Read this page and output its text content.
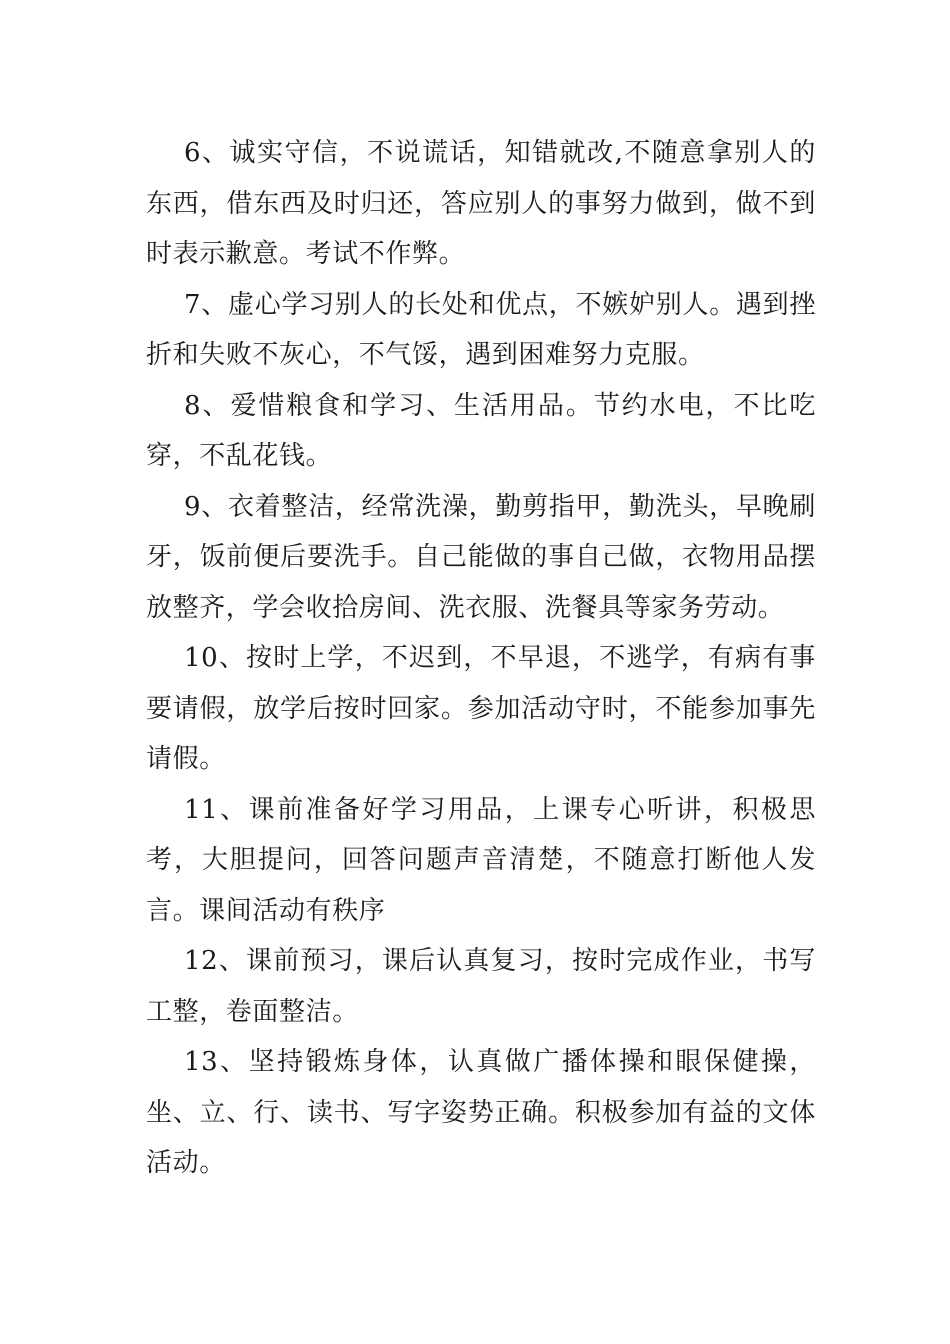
6、诚实守信，不说谎话，知错就改,不随意拿别人的东西，借东西及时归还，答应别人的事努力做到，做不到时表示歉意。考试不作弊。

7、虚心学习别人的长处和优点，不嫉妒别人。遇到挫折和失败不灰心，不气馁，遇到困难努力克服。

8、爱惜粮食和学习、生活用品。节约水电，不比吃穿，不乱花钱。

9、衣着整洁，经常洗澡，勤剪指甲，勤洗头，早晚刷牙，饭前便后要洗手。自己能做的事自己做，衣物用品摆放整齐，学会收拾房间、洗衣服、洗餐具等家务劳动。

10、按时上学，不迟到，不早退，不逃学，有病有事要请假，放学后按时回家。参加活动守时，不能参加事先请假。

11、课前准备好学习用品，上课专心听讲，积极思考，大胆提问，回答问题声音清楚，不随意打断他人发言。课间活动有秩序

12、课前预习，课后认真复习，按时完成作业，书写工整，卷面整洁。

13、坚持锻炼身体，认真做广播体操和眼保健操，坐、立、行、读书、写字姿势正确。积极参加有益的文体活动。
